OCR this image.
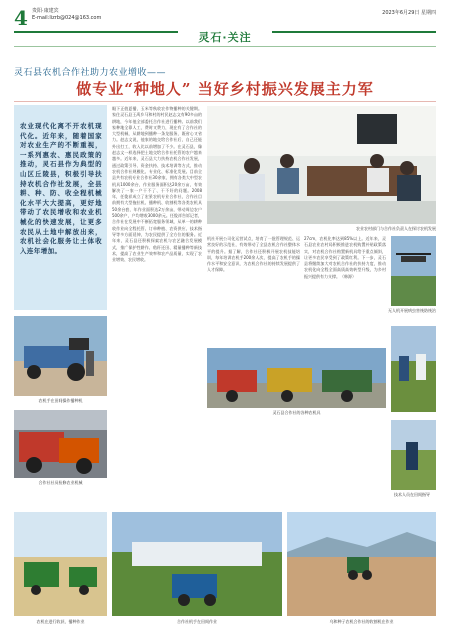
4 贵阳·康建宾
E-mail:lizrb@024@163.com
2023年6月29日 星期四
灵石·关注
灵石县农机合作社助力农业增收——
做专业“种地人” 当好乡村振兴发展主力军
农业现代化离不开农机现代化。近年来，随着国家对农业生产的不断重视，一系列惠农、惠民政策的推动，灵石县作为典型的山区丘陵县，积极引导扶持农机合作社发展，全县耕、种、防、收全程机械化水平大大提高，更好地带动了农民增收和农业机械化的快速发展，让更多农民从土地中解放出来，农机社会化服务让土体收入连年增加。
眼下正值夏播，玉米等秋收农作物播种的关键期。家住灵石县王禹乡马和村的村民赵志文有90多亩的耕地，今年他全部委托合作社进行播种。以前我们家种地全靠人工，费时又费力，现在有了合作社的大型机械，从耕地到播种一条龙服务，既省心又省力。赵志文说，他家的地交给合作社后，自己还能外出打工，收入比以前增加了不少。在灵石县，像赵志文一样选择把土地交给合作社托管的农户越来越多。近年来，灵石县大力扶持农机合作社发展，通过政策引导、资金扶持、技术培训等方式，推动农机合作社规模化、专业化、标准化发展。目前全县共有农机专业合作社30余家，拥有各类大中型农机具1000余台，作业服务面积达20余万亩，有效解决了一家一户干不了、干不好的问题。2008年，任俊祥成立了宏景农机专业合作社，合作社目前拥有大型拖拉机、播种机、收割机等各类农机具50余台套，年作业面积达2万余亩，带动周边农户500余户，户均增收3000余元。任俊祥告诉记者，合作社在发展中不断拓宽服务领域，从单一的耕种收作业向全程托管、订单种植、农资供应、技术指导等多方面延伸，为农民提供了全方位的服务。近年来，灵石县还积极探索农机与农艺融合发展模式，推广保护性耕作、秸秆还田、精量播种等新技术，提高了农业生产效率和农产品质量，实现了农业增效、农民增收。
机社开展公司化运营试点，培育了一批管理规范、运营良好的示范社，有效带动了全县农机合作社整体水平的提升。据了解，合作社还积极开展农机技能培训，每年培训农机手200余人次，提高了农机手的操作水平和安全意识，为农机合作社的持续发展提供了人才保障。
27cm，农机化率达到85%以上。近年来，灵石县农业农村局积极推进农机购置补贴政策落实，对农机合作社购置新机具给予重点倾斜，让更多农民享受到了政策红利。下一步，灵石县将继续加大对农机合作社的扶持力度，推动农机化向全程全面高质高效转型升级，为乡村振兴提供有力支撑。（韩源）
农业农村部门与合作社负责人在探讨农机发展
农机手在田间操作播种机
合作社社员检修农业机械
灵石县合作社的各种农机具
无人机开展病虫害统防统治
技术人员在田间指导
农机在进行收获、播种作业	合作社机手在田间作业	乌和种子农机合作社的收割机在作业
